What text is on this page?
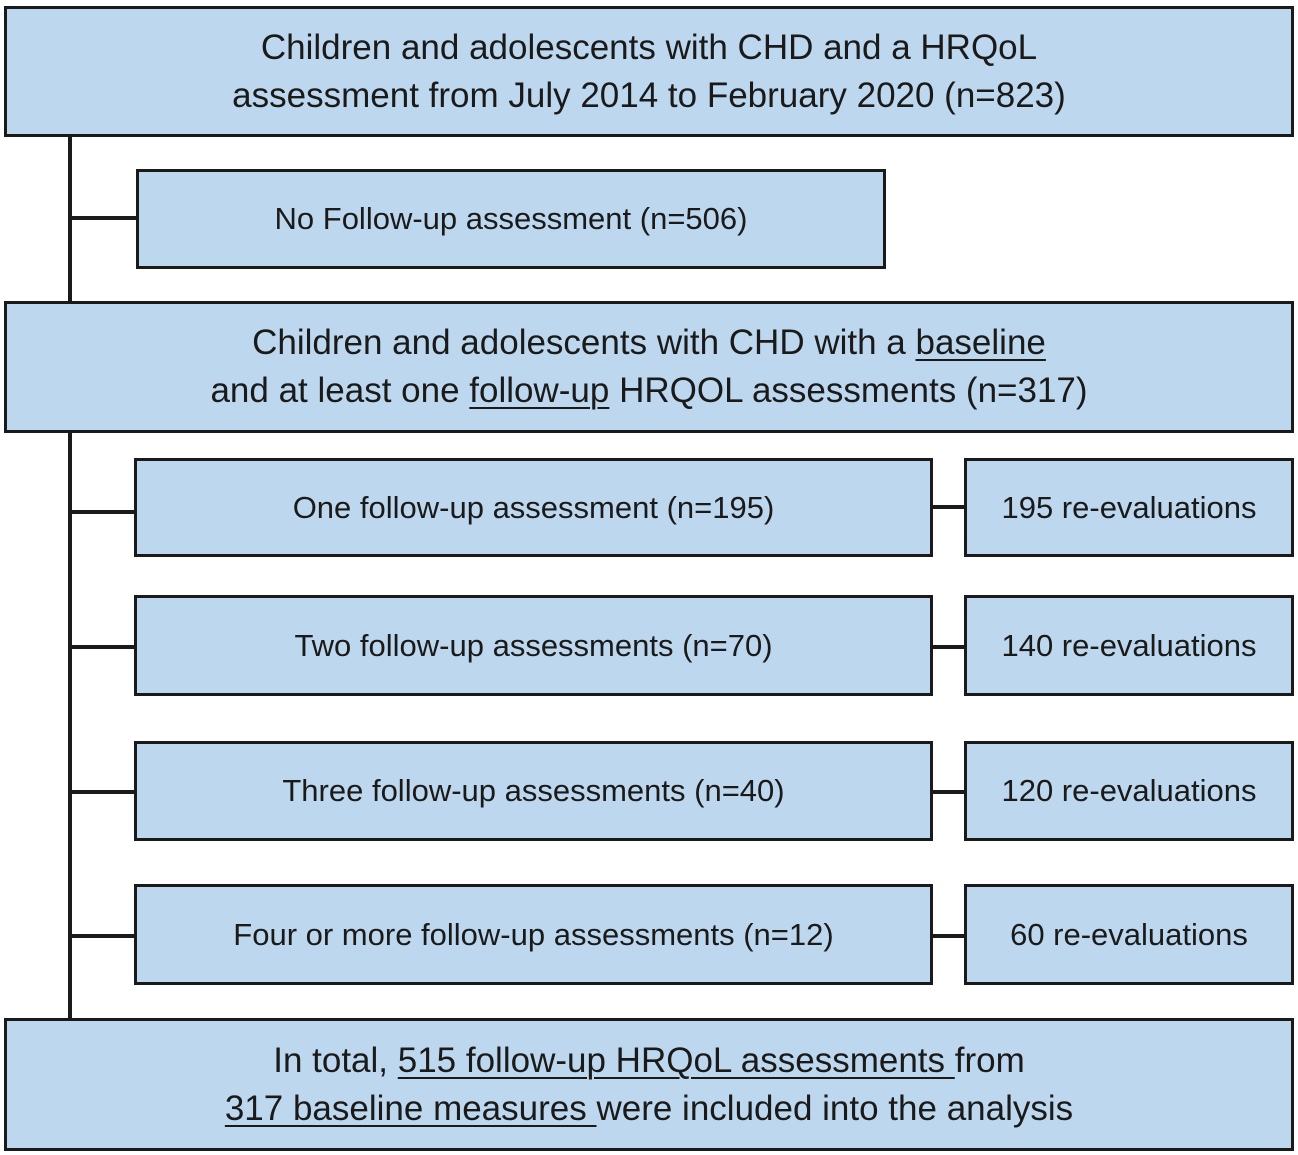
Children and adolescents with CHD and a HRQoL
assessment from July 2014 to February 2020 (n=823)
No Follow-up assessment (n=506)
Children and adolescents with CHD with a baseline
and at least one follow-up HRQOL assessments (n=317)
One follow-up assessment (n=195)	195 re-evaluations
Two follow-up assessments (n=70)	140 re-evaluations
Three follow-up assessments (n=40)	120 re-evaluations
Four or more follow-up assessments (n=12)	60 re-evaluations
In total, 515 follow-up HRQoL assessments from
317 baseline measures were included into the analysis
